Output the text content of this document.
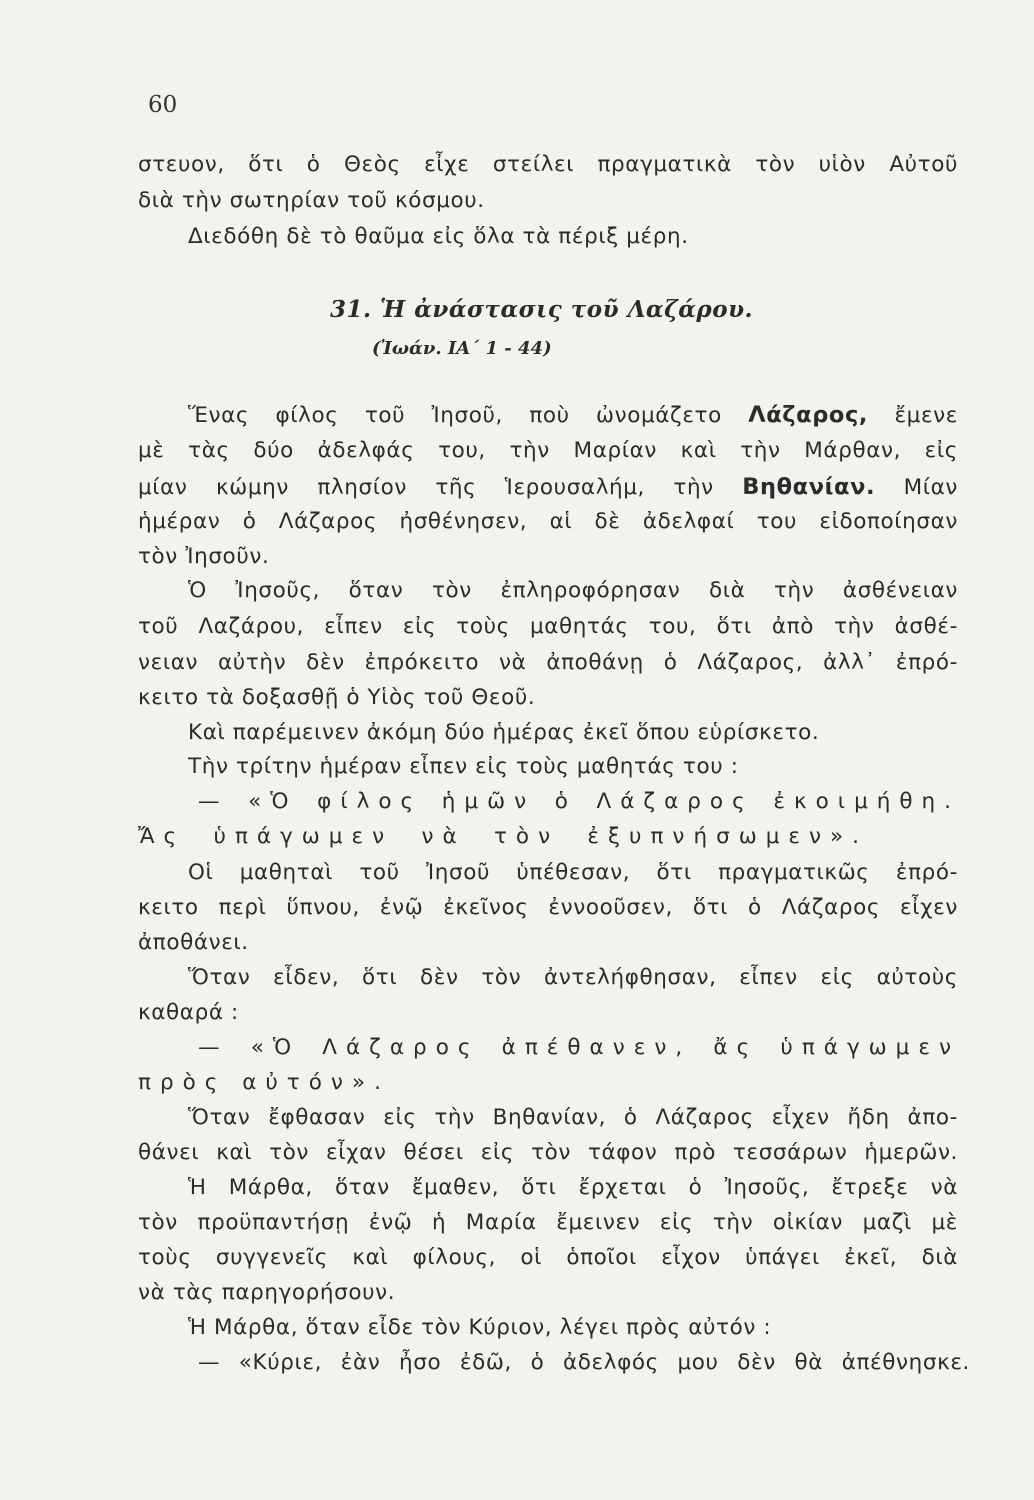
60
στευον, ὅτι ὁ Θεὸς εἶχε στείλει πραγματικὰ τὸν υἱὸν Αὐτοῦ
διὰ τὴν σωτηρίαν τοῦ κόσμου.
Διεδόθη δὲ τὸ θαῦμα εἰς ὅλα τὰ πέριξ μέρη.
31. Ἡ ἀνάστασις τοῦ Λαζάρου.
(Ἰωάν. ΙΑ΄ 1 - 44)
Ἕνας φίλος τοῦ Ἰησοῦ, ποὺ ὠνομάζετο Λάζαρος, ἔμενε
μὲ τὰς δύο ἀδελφάς του, τὴν Μαρίαν καὶ τὴν Μάρθαν, εἰς
μίαν κώμην πλησίον τῆς Ἱερουσαλήμ, τὴν Βηθανίαν. Μίαν
ἡμέραν ὁ Λάζαρος ἠσθένησεν, αἱ δὲ ἀδελφαί του εἰδοποίησαν
τὸν Ἰησοῦν.
Ὁ Ἰησοῦς, ὅταν τὸν ἐπληροφόρησαν διὰ τὴν ἀσθένειαν
τοῦ Λαζάρου, εἶπεν εἰς τοὺς μαθητάς του, ὅτι ἀπὸ τὴν ἀσθέ-
νειαν αὐτὴν δὲν ἐπρόκειτο νὰ ἀποθάνῃ ὁ Λάζαρος, ἀλλ᾽ ἐπρό-
κειτο τὰ δοξασθῇ ὁ Υἱὸς τοῦ Θεοῦ.
Καὶ παρέμεινεν ἀκόμη δύο ἡμέρας ἐκεῖ ὅπου εὑρίσκετο.
Τὴν τρίτην ἡμέραν εἶπεν εἰς τοὺς μαθητάς του :
— «Ὁ φίλος ἡμῶν ὁ Λάζαρος ἐκοιμήθη.
Ἄς ὑπάγωμεν νὰ τὸν ἐξυπνήσωμεν».
Οἱ μαθηταὶ τοῦ Ἰησοῦ ὑπέθεσαν, ὅτι πραγματικῶς ἐπρό-
κειτο περὶ ὕπνου, ἐνῷ ἐκεῖνος ἐννοοῦσεν, ὅτι ὁ Λάζαρος εἶχεν
ἀποθάνει.
Ὅταν εἶδεν, ὅτι δὲν τὸν ἀντελήφθησαν, εἶπεν εἰς αὐτοὺς
καθαρά :
— «Ὁ Λάζαρος ἀπέθανεν, ἄς ὑπάγωμεν
πρὸς αὐτόν».
Ὅταν ἔφθασαν εἰς τὴν Βηθανίαν, ὁ Λάζαρος εἶχεν ἤδη ἀπο-
θάνει καὶ τὸν εἶχαν θέσει εἰς τὸν τάφον πρὸ τεσσάρων ἡμερῶν.
Ἡ Μάρθα, ὅταν ἔμαθεν, ὅτι ἔρχεται ὁ Ἰησοῦς, ἔτρεξε νὰ
τὸν προϋπαντήσῃ ἐνῷ ἡ Μαρία ἔμεινεν εἰς τὴν οἰκίαν μαζὶ μὲ
τοὺς συγγενεῖς καὶ φίλους, οἱ ὁποῖοι εἶχον ὑπάγει ἐκεῖ, διὰ
νὰ τὰς παρηγορήσουν.
Ἡ Μάρθα, ὅταν εἶδε τὸν Κύριον, λέγει πρὸς αὐτόν :
— «Κύριε, ἐὰν ἦσο ἐδῶ, ὁ ἀδελφός μου δὲν θὰ ἀπέθνησκε.
